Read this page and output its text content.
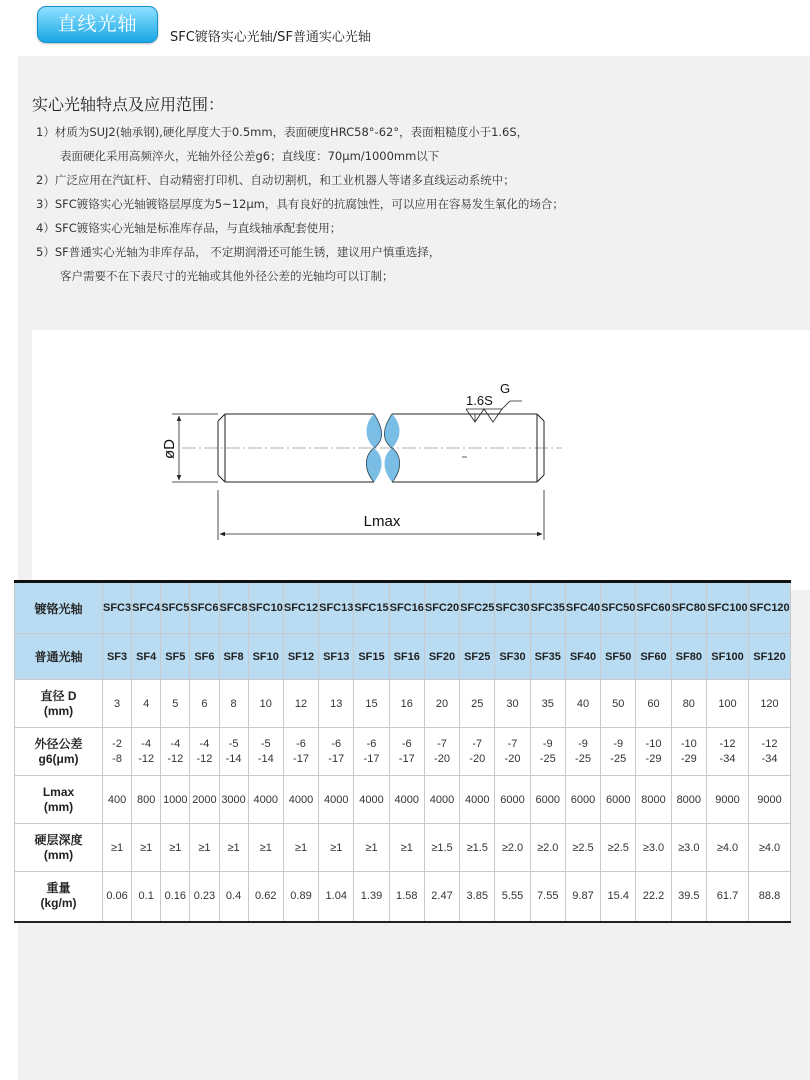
直线光轴
SFC镀铬实心光轴/SF普通实心光轴
实心光轴特点及应用范围：
1）材质为SUJ2(轴承钢),硬化厚度大于0.5mm，表面硬度HRC58°-62°，表面粗糙度小于1.6S，
表面硬化采用高频淬火，光轴外径公差g6；直线度：70μm/1000mm以下
2）广泛应用在汽缸杆、自动精密打印机、自动切割机，和工业机器人等诸多直线运动系统中；
3）SFC镀铬实心光轴镀铬层厚度为5~12μm，具有良好的抗腐蚀性，可以应用在容易发生氧化的场合；
4）SFC镀铬实心光轴是标准库存品，与直线轴承配套使用；
5）SF普通实心光轴为非库存品， 不定期润滑还可能生锈，建议用户慎重选择，
客户需要不在下表尺寸的光轴或其他外径公差的光轴均可以订制；
øD
Lmax
1.6S
G
镀铬光轴	SFC3	SFC4	SFC5	SFC6	SFC8	SFC10	SFC12	SFC13	SFC15	SFC16	SFC20	SFC25	SFC30	SFC35	SFC40	SFC50	SFC60	SFC80	SFC100	SFC120
普通光轴	SF3	SF4	SF5	SF6	SF8	SF10	SF12	SF13	SF15	SF16	SF20	SF25	SF30	SF35	SF40	SF50	SF60	SF80	SF100	SF120

直径 D
(mm)	3	4	5	6	8	10	12	13	15	16	20	25	30	35	40	50	60	80	100	120

外径公差
g6(μm)	-2
-8	-4
-12	-4
-12	-4
-12	-5
-14	-5
-14	-6
-17	-6
-17	-6
-17	-6
-17	-7
-20	-7
-20	-7
-20	-9
-25	-9
-25	-9
-25	-10
-29	-10
-29	-12
-34	-12
-34

Lmax
(mm)	400	800	1000	2000	3000	4000	4000	4000	4000	4000	4000	4000	6000	6000	6000	6000	8000	8000	9000	9000

硬层深度
(mm)	≥1	≥1	≥1	≥1	≥1	≥1	≥1	≥1	≥1	≥1	≥1.5	≥1.5	≥2.0	≥2.0	≥2.5	≥2.5	≥3.0	≥3.0	≥4.0	≥4.0

重量
(kg/m)	0.06	0.1	0.16	0.23	0.4	0.62	0.89	1.04	1.39	1.58	2.47	3.85	5.55	7.55	9.87	15.4	22.2	39.5	61.7	88.8
